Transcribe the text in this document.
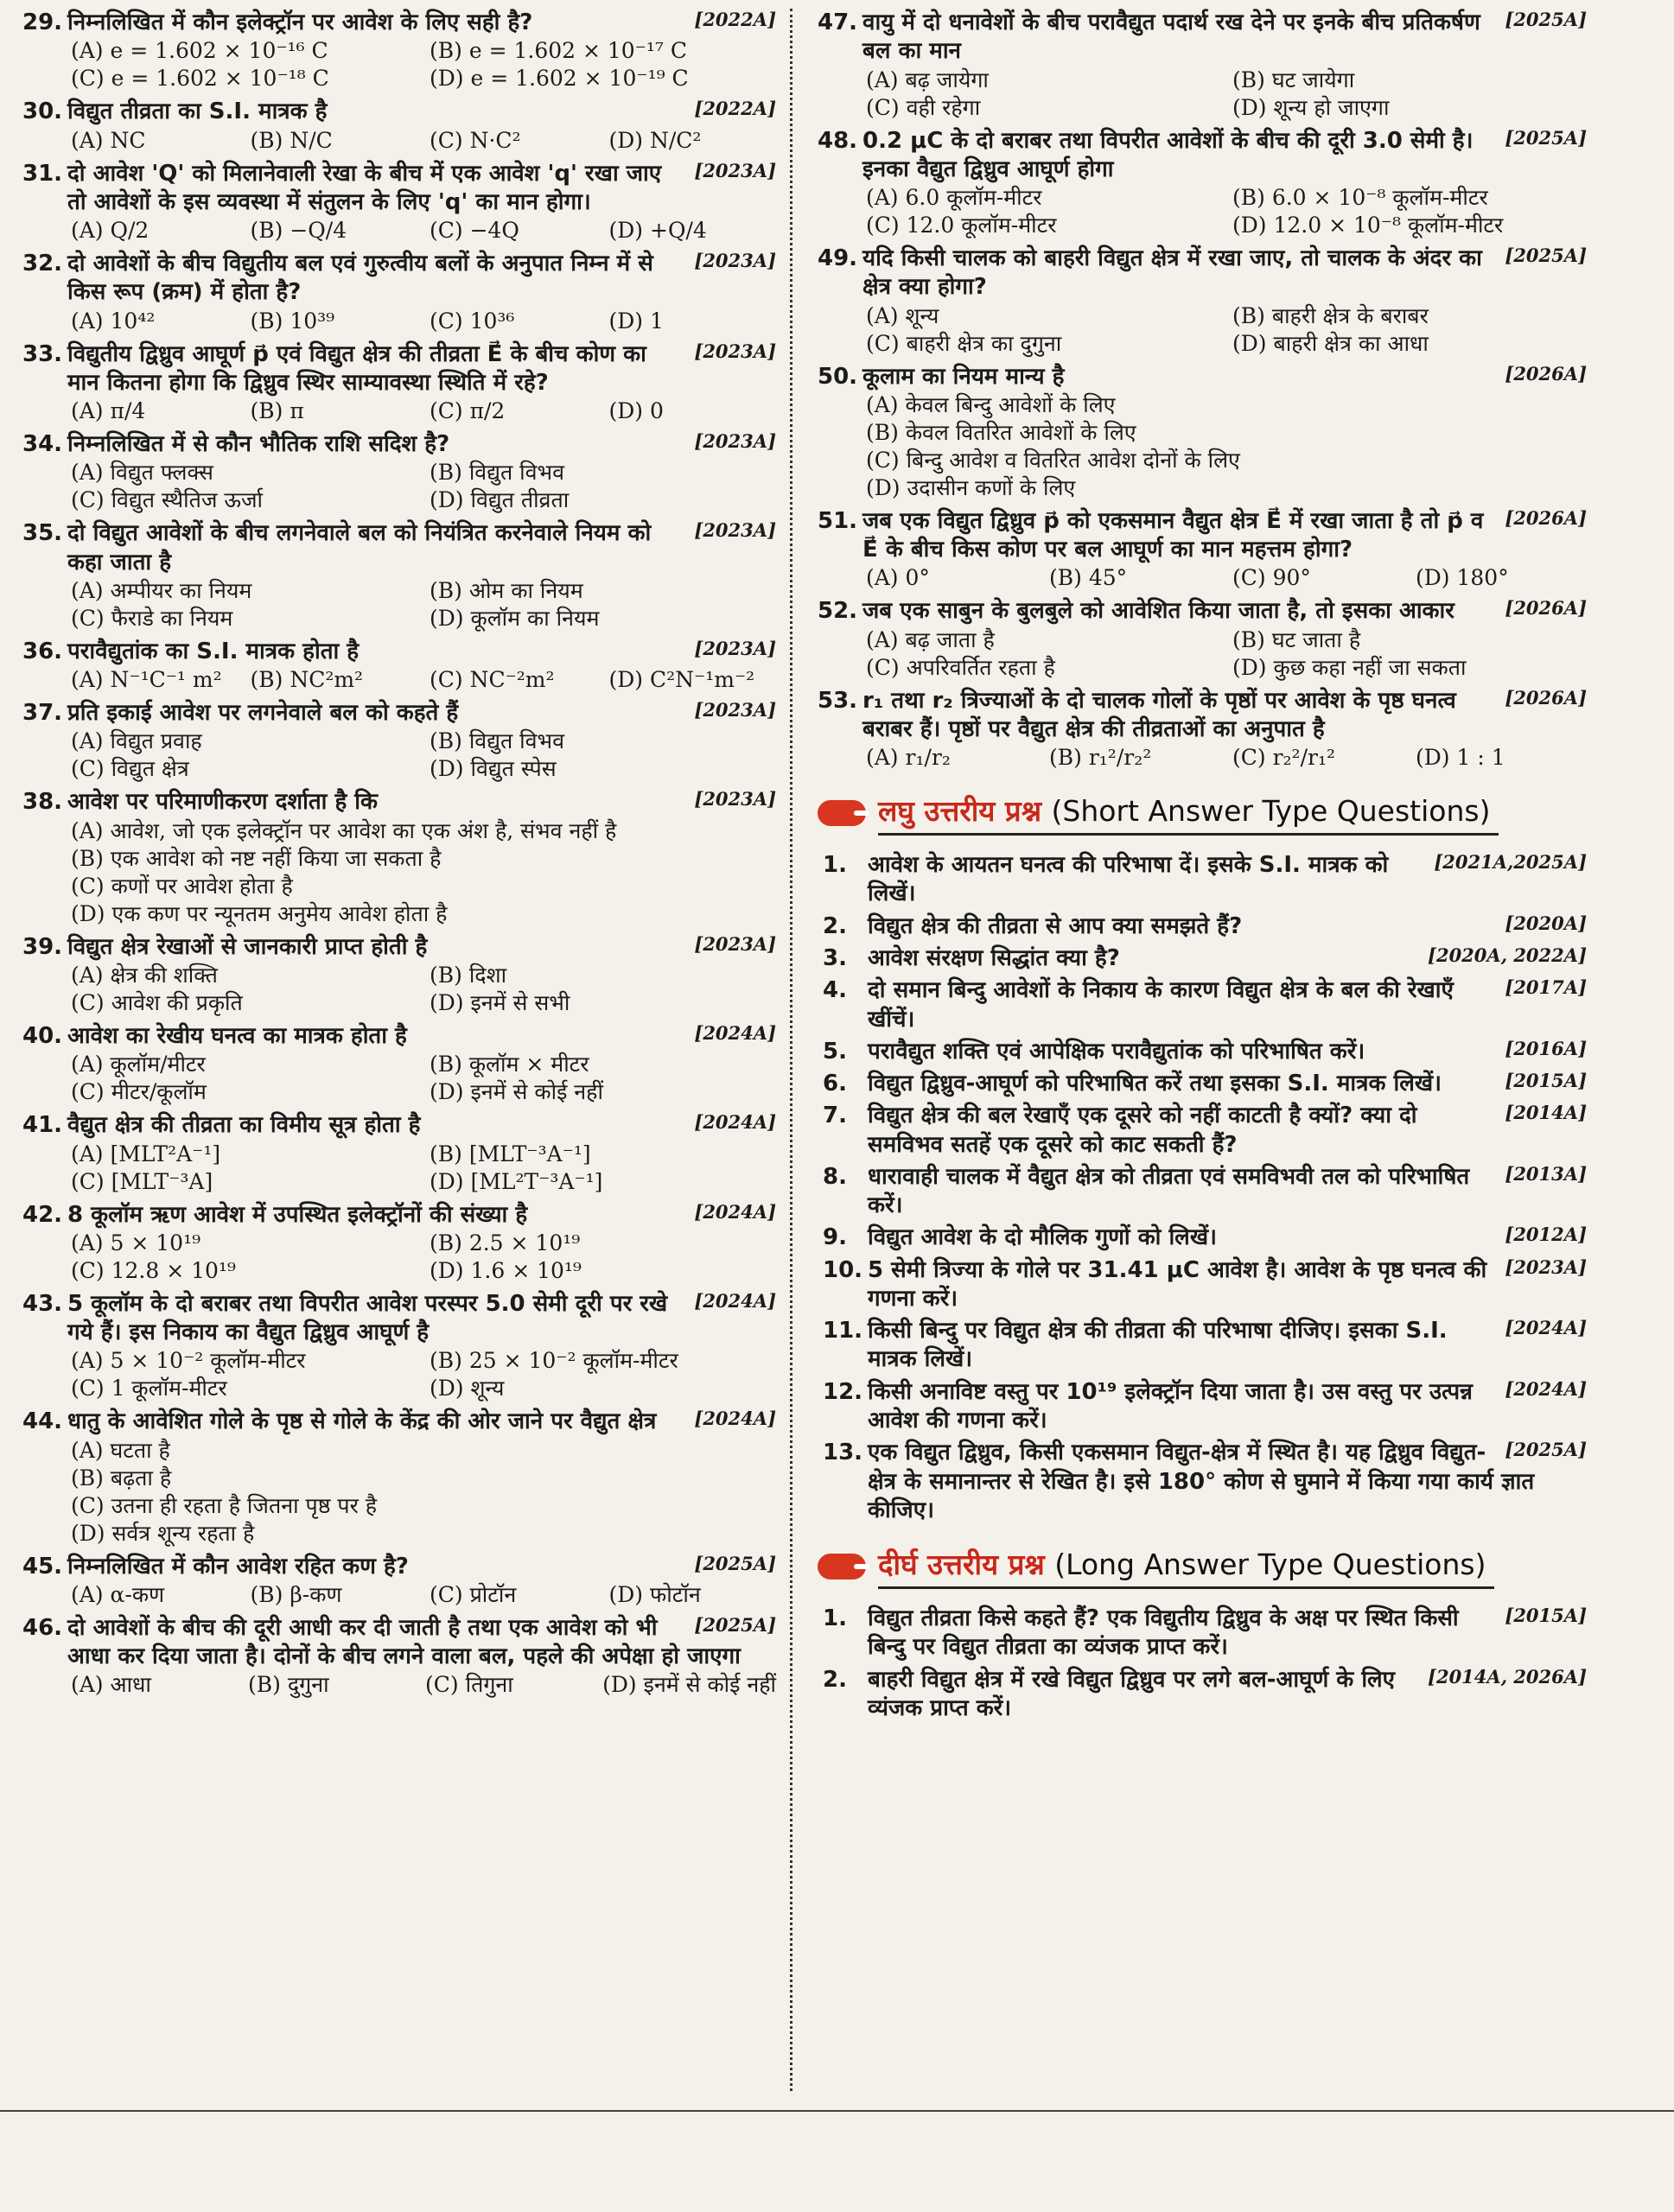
29.	[ 2022A ]
निम्नलिखित में कौन इलेक्ट्रॉन पर आवेश के लिए सही है?
(A) e = 1.602 × 10⁻¹⁶ C	(B) e = 1.602 × 10⁻¹⁷ C
(C) e = 1.602 × 10⁻¹⁸ C	(D) e = 1.602 × 10⁻¹⁹ C
30.	[ 2022A ]
विद्युत तीव्रता का S.I. मात्रक है
(A) NC	(B) N/C	(C) N·C²	(D) N/C²
31.	[ 2023A ]
दो आवेश 'Q' को मिलानेवाली रेखा के बीच में एक आवेश 'q' रखा जाए तो आवेशों के इस व्यवस्था में संतुलन के लिए 'q' का मान होगा।
(A) Q/2	(B) −Q/4	(C) −4Q	(D) +Q/4
32.	[ 2023A ]
दो आवेशों के बीच विद्युतीय बल एवं गुरुत्वीय बलों के अनुपात निम्न में से किस रूप (क्रम) में होता है?
(A) 10⁴²	(B) 10³⁹	(C) 10³⁶	(D) 1
33.	[ 2023A ]
विद्युतीय द्विध्रुव आघूर्ण p⃗ एवं विद्युत क्षेत्र की तीव्रता E⃗ के बीच कोण का मान कितना होगा कि द्विध्रुव स्थिर साम्यावस्था स्थिति में रहे?
(A) π/4	(B) π	(C) π/2	(D) 0
34.	[ 2023A ]
निम्नलिखित में से कौन भौतिक राशि सदिश है?
(A) विद्युत फ्लक्स	(B) विद्युत विभव
(C) विद्युत स्थैतिज ऊर्जा	(D) विद्युत तीव्रता
35.	[ 2023A ]
दो विद्युत आवेशों के बीच लगनेवाले बल को नियंत्रित करनेवाले नियम को कहा जाता है
(A) अम्पीयर का नियम	(B) ओम का नियम
(C) फैराडे का नियम	(D) कूलॉम का नियम
36.	[ 2023A ]
परावैद्युतांक का S.I. मात्रक होता है
(A) N⁻¹C⁻¹ m²	(B) NC²m²	(C) NC⁻²m²	(D) C²N⁻¹m⁻²
37.	[ 2023A ]
प्रति इकाई आवेश पर लगनेवाले बल को कहते हैं
(A) विद्युत प्रवाह	(B) विद्युत विभव
(C) विद्युत क्षेत्र	(D) विद्युत स्पेस
38.	[ 2023A ]
आवेश पर परिमाणीकरण दर्शाता है कि
(A) आवेश, जो एक इलेक्ट्रॉन पर आवेश का एक अंश है, संभव नहीं है
(B) एक आवेश को नष्ट नहीं किया जा सकता है
(C) कणों पर आवेश होता है
(D) एक कण पर न्यूनतम अनुमेय आवेश होता है
39.	[ 2023A ]
विद्युत क्षेत्र रेखाओं से जानकारी प्राप्त होती है
(A) क्षेत्र की शक्ति	(B) दिशा
(C) आवेश की प्रकृति	(D) इनमें से सभी
40.	[ 2024A ]
आवेश का रेखीय घनत्व का मात्रक होता है
(A) कूलॉम/मीटर	(B) कूलॉम × मीटर
(C) मीटर/कूलॉम	(D) इनमें से कोई नहीं
41.	[ 2024A ]
वैद्युत क्षेत्र की तीव्रता का विमीय सूत्र होता है
(A) [MLT²A⁻¹]	(B) [MLT⁻³A⁻¹]
(C) [MLT⁻³A]	(D) [ML²T⁻³A⁻¹]
42.	[ 2024A ]
8 कूलॉम ऋण आवेश में उपस्थित इलेक्ट्रॉनों की संख्या है
(A) 5 × 10¹⁹	(B) 2.5 × 10¹⁹
(C) 12.8 × 10¹⁹	(D) 1.6 × 10¹⁹
43.	[ 2024A ]
5 कूलॉम के दो बराबर तथा विपरीत आवेश परस्पर 5.0 सेमी दूरी पर रखे गये हैं। इस निकाय का वैद्युत द्विध्रुव आघूर्ण है
(A) 5 × 10⁻² कूलॉम-मीटर	(B) 25 × 10⁻² कूलॉम-मीटर
(C) 1 कूलॉम-मीटर	(D) शून्य
44.	[ 2024A ]
धातु के आवेशित गोले के पृष्ठ से गोले के केंद्र की ओर जाने पर वैद्युत क्षेत्र
(A) घटता है
(B) बढ़ता है
(C) उतना ही रहता है जितना पृष्ठ पर है
(D) सर्वत्र शून्य रहता है
45.	[ 2025A ]
निम्नलिखित में कौन आवेश रहित कण है?
(A) α-कण	(B) β-कण	(C) प्रोटॉन	(D) फोटॉन
46.	[ 2025A ]
दो आवेशों के बीच की दूरी आधी कर दी जाती है तथा एक आवेश को भी आधा कर दिया जाता है। दोनों के बीच लगने वाला बल, पहले की अपेक्षा हो जाएगा
(A) आधा	(B) दुगुना	(C) तिगुना	(D) इनमें से कोई नहीं
47.	[ 2025A ]
वायु में दो धनावेशों के बीच परावैद्युत पदार्थ रख देने पर इनके बीच प्रतिकर्षण बल का मान
(A) बढ़ जायेगा	(B) घट जायेगा
(C) वही रहेगा	(D) शून्य हो जाएगा
48.	[ 2025A ]
0.2 μC के दो बराबर तथा विपरीत आवेशों के बीच की दूरी 3.0 सेमी है। इनका वैद्युत द्विध्रुव आघूर्ण होगा
(A) 6.0 कूलॉम-मीटर	(B) 6.0 × 10⁻⁸ कूलॉम-मीटर
(C) 12.0 कूलॉम-मीटर	(D) 12.0 × 10⁻⁸ कूलॉम-मीटर
49.	[ 2025A ]
यदि किसी चालक को बाहरी विद्युत क्षेत्र में रखा जाए, तो चालक के अंदर का क्षेत्र क्या होगा?
(A) शून्य	(B) बाहरी क्षेत्र के बराबर
(C) बाहरी क्षेत्र का दुगुना	(D) बाहरी क्षेत्र का आधा
50.	[ 2026A ]
कूलाम का नियम मान्य है
(A) केवल बिन्दु आवेशों के लिए
(B) केवल वितरित आवेशों के लिए
(C) बिन्दु आवेश व वितरित आवेश दोनों के लिए
(D) उदासीन कणों के लिए
51.	[ 2026A ]
जब एक विद्युत द्विध्रुव p⃗ को एकसमान वैद्युत क्षेत्र E⃗ में रखा जाता है तो p⃗ व E⃗ के बीच किस कोण पर बल आघूर्ण का मान महत्तम होगा?
(A) 0°	(B) 45°	(C) 90°	(D) 180°
52.	[ 2026A ]
जब एक साबुन के बुलबुले को आवेशित किया जाता है, तो इसका आकार
(A) बढ़ जाता है	(B) घट जाता है
(C) अपरिवर्तित रहता है	(D) कुछ कहा नहीं जा सकता
53.	[ 2026A ]
r₁ तथा r₂ त्रिज्याओं के दो चालक गोलों के पृष्ठों पर आवेश के पृष्ठ घनत्व बराबर हैं। पृष्ठों पर वैद्युत क्षेत्र की तीव्रताओं का अनुपात है
(A) r₁/r₂	(B) r₁²/r₂²	(C) r₂²/r₁²	(D) 1 : 1
लघु उत्तरीय प्रश्न (Short Answer Type Questions)
1.	[ 2021A,2025A ]
आवेश के आयतन घनत्व की परिभाषा दें। इसके S.I. मात्रक को लिखें।
2.	[ 2020A ]
विद्युत क्षेत्र की तीव्रता से आप क्या समझते हैं?
3.	[ 2020A, 2022A ]
आवेश संरक्षण सिद्धांत क्या है?
4.	[ 2017A ]
दो समान बिन्दु आवेशों के निकाय के कारण विद्युत क्षेत्र के बल की रेखाएँ खींचें।
5.	[ 2016A ]
परावैद्युत शक्ति एवं आपेक्षिक परावैद्युतांक को परिभाषित करें।
6.	[ 2015A ]
विद्युत द्विध्रुव-आघूर्ण को परिभाषित करें तथा इसका S.I. मात्रक लिखें।
7.	[ 2014A ]
विद्युत क्षेत्र की बल रेखाएँ एक दूसरे को नहीं काटती है क्यों? क्या दो समविभव सतहें एक दूसरे को काट सकती हैं?
8.	[ 2013A ]
धारावाही चालक में वैद्युत क्षेत्र को तीव्रता एवं समविभवी तल को परिभाषित करें।
9.	[ 2012A ]
विद्युत आवेश के दो मौलिक गुणों को लिखें।
10.	[ 2023A ]
5 सेमी त्रिज्या के गोले पर 31.41 μC आवेश है। आवेश के पृष्ठ घनत्व की गणना करें।
11.	[ 2024A ]
किसी बिन्दु पर विद्युत क्षेत्र की तीव्रता की परिभाषा दीजिए। इसका S.I. मात्रक लिखें।
12.	[ 2024A ]
किसी अनाविष्ट वस्तु पर 10¹⁹ इलेक्ट्रॉन दिया जाता है। उस वस्तु पर उत्पन्न आवेश की गणना करें।
13.	[ 2025A ]
एक विद्युत द्विध्रुव, किसी एकसमान विद्युत-क्षेत्र में स्थित है। यह द्विध्रुव विद्युत-क्षेत्र के समानान्तर से रेखित है। इसे 180° कोण से घुमाने में किया गया कार्य ज्ञात कीजिए।
दीर्घ उत्तरीय प्रश्न (Long Answer Type Questions)
1.	[ 2015A ]
विद्युत तीव्रता किसे कहते हैं? एक विद्युतीय द्विध्रुव के अक्ष पर स्थित किसी बिन्दु पर विद्युत तीव्रता का व्यंजक प्राप्त करें।
2.	[ 2014A, 2026A ]
बाहरी विद्युत क्षेत्र में रखे विद्युत द्विध्रुव पर लगे बल-आघूर्ण के लिए व्यंजक प्राप्त करें।
